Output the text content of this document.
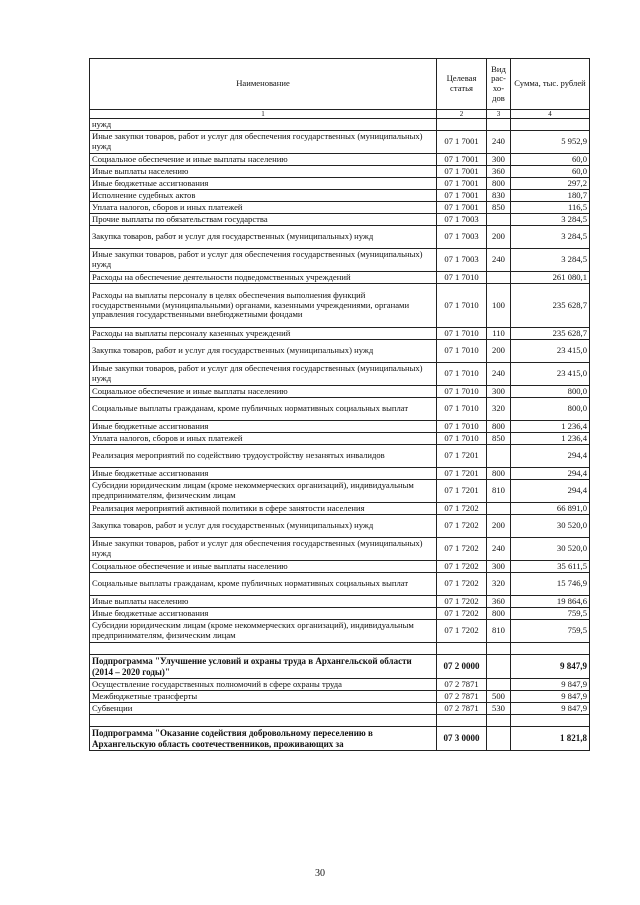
Наименование	Целевая статья	Вид рас-хо-дов	Сумма, тыс. рублей
1	2	3	4
нужд			
Иные закупки товаров, работ и услуг для обеспечения государственных (муниципальных) нужд	07 1 7001	240	5 952,9
Социальное обеспечение и иные выплаты населению	07 1 7001	300	60,0
Иные выплаты населению	07 1 7001	360	60,0
Иные бюджетные ассигнования	07 1 7001	800	297,2
Исполнение судебных актов	07 1 7001	830	180,7
Уплата налогов, сборов и иных платежей	07 1 7001	850	116,5
Прочие выплаты по обязательствам государства	07 1 7003		3 284,5
Закупка товаров, работ и услуг для государственных (муниципальных) нужд	07 1 7003	200	3 284,5
Иные закупки товаров, работ и услуг для обеспечения государственных (муниципальных) нужд	07 1 7003	240	3 284,5
Расходы на обеспечение деятельности подведомственных учреждений	07 1 7010		261 080,1
Расходы на выплаты персоналу в целях обеспечения выполнения функций государственными (муниципальными) органами, казенными учреждениями, органами управления государственными внебюджетными фондами	07 1 7010	100	235 628,7
Расходы на выплаты персоналу казенных учреждений	07 1 7010	110	235 628,7
Закупка товаров, работ и услуг для государственных (муниципальных) нужд	07 1 7010	200	23 415,0
Иные закупки товаров, работ и услуг для обеспечения государственных (муниципальных) нужд	07 1 7010	240	23 415,0
Социальное обеспечение и иные выплаты населению	07 1 7010	300	800,0
Социальные выплаты гражданам, кроме публичных нормативных социальных выплат	07 1 7010	320	800,0
Иные бюджетные ассигнования	07 1 7010	800	1 236,4
Уплата налогов, сборов и иных платежей	07 1 7010	850	1 236,4
Реализация мероприятий по содействию трудоустройству незанятых инвалидов	07 1 7201		294,4
Иные бюджетные ассигнования	07 1 7201	800	294,4
Субсидии юридическим лицам (кроме некоммерческих организаций), индивидуальным предпринимателям, физическим лицам	07 1 7201	810	294,4
Реализация мероприятий активной политики в сфере занятости населения	07 1 7202		66 891,0
Закупка товаров, работ и услуг для государственных (муниципальных) нужд	07 1 7202	200	30 520,0
Иные закупки товаров, работ и услуг для обеспечения государственных (муниципальных) нужд	07 1 7202	240	30 520,0
Социальное обеспечение и иные выплаты населению	07 1 7202	300	35 611,5
Социальные выплаты гражданам, кроме публичных нормативных социальных выплат	07 1 7202	320	15 746,9
Иные выплаты населению	07 1 7202	360	19 864,6
Иные бюджетные ассигнования	07 1 7202	800	759,5
Субсидии юридическим лицам (кроме некоммерческих организаций), индивидуальным предпринимателям, физическим лицам	07 1 7202	810	759,5

Подпрограмма "Улучшение условий и охраны труда в Архангельской области (2014 – 2020 годы)"	07 2 0000		9 847,9
Осуществление государственных полномочий в сфере охраны труда	07 2 7871		9 847,9
Межбюджетные трансферты	07 2 7871	500	9 847,9
Субвенции	07 2 7871	530	9 847,9

Подпрограмма "Оказание содействия добровольному переселению в Архангельскую область соотечественников, проживающих за	07 3 0000		1 821,8
30
